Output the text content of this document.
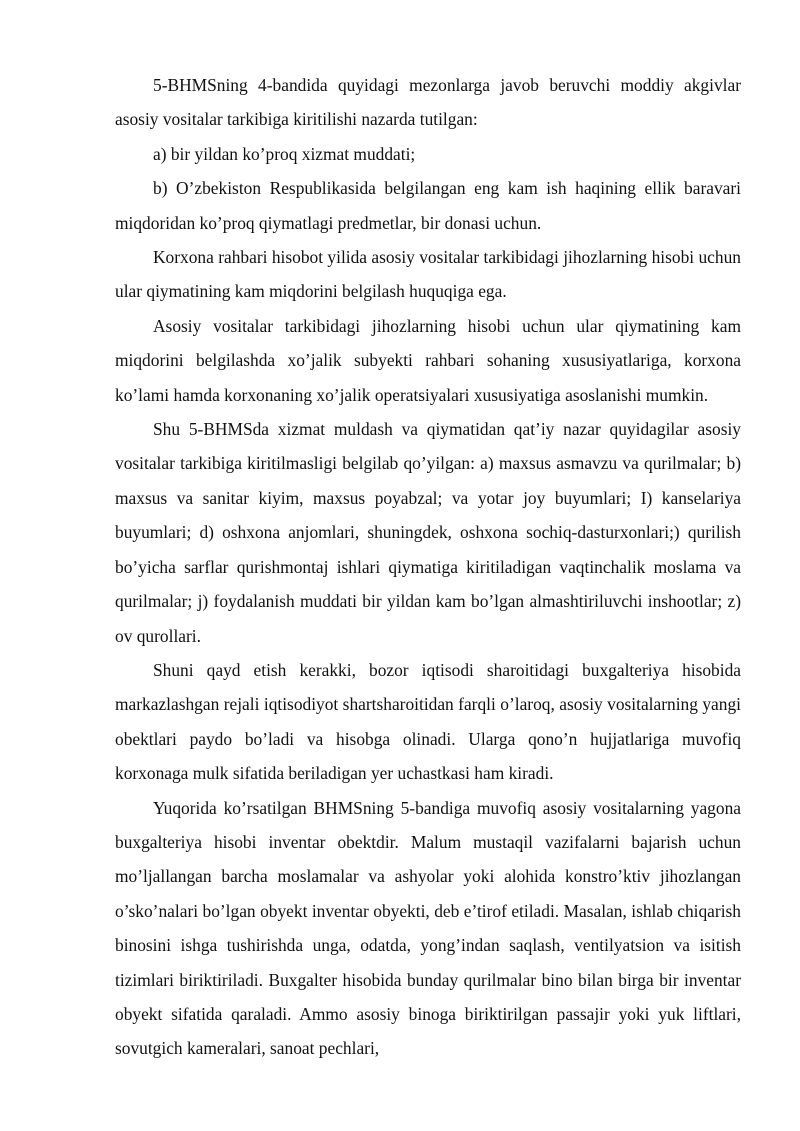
5-BHMSning 4-bandida quyidagi mezonlarga javob beruvchi moddiy akgivlar asosiy vositalar tarkibiga kiritilishi nazarda tutilgan:

a) bir yildan ko’proq xizmat muddati;

b) O’zbekiston Respublikasida belgilangan eng kam ish haqining ellik baravari miqdoridan ko’proq qiymatlagi predmetlar, bir donasi uchun.

Korxona rahbari hisobot yilida asosiy vositalar tarkibidagi jihozlarning hisobi uchun ular qiymatining kam miqdorini belgilash huquqiga ega.

Asosiy vositalar tarkibidagi jihozlarning hisobi uchun ular qiymatining kam miqdorini belgilashda xo’jalik subyekti rahbari sohaning xususiyatlariga, korxona ko’lami hamda korxonaning xo’jalik operatsiyalari xususiyatiga asoslanishi mumkin.

Shu 5-BHMSda xizmat muldash va qiymatidan qat’iy nazar quyidagilar asosiy vositalar tarkibiga kiritilmasligi belgilab qo’yilgan: a) maxsus asmavzu va qurilmalar; b) maxsus va sanitar kiyim, maxsus poyabzal; va yotar joy buyumlari; I) kanselariya buyumlari; d) oshxona anjomlari, shuningdek, oshxona sochiq-dasturxonlari;) qurilish bo’yicha sarflar qurishmontaj ishlari qiymatiga kiritiladigan vaqtinchalik moslama va qurilmalar; j) foydalanish muddati bir yildan kam bo’lgan almashtiriluvchi inshootlar; z) ov qurollari.

Shuni qayd etish kerakki, bozor iqtisodi sharoitidagi buxgalteriya hisobida markazlashgan rejali iqtisodiyot shartsharoitidan farqli o’laroq, asosiy vositalarning yangi obektlari paydo bo’ladi va hisobga olinadi. Ularga qono’n hujjatlariga muvofiq korxonaga mulk sifatida beriladigan yer uchastkasi ham kiradi.

Yuqorida ko’rsatilgan BHMSning 5-bandiga muvofiq asosiy vositalarning yagona buxgalteriya hisobi inventar obektdir. Malum mustaqil vazifalarni bajarish uchun mo’ljallangan barcha moslamalar va ashyolar yoki alohida konstro’ktiv jihozlangan o’sko’nalari bo’lgan obyekt inventar obyekti, deb e’tirof etiladi. Masalan, ishlab chiqarish binosini ishga tushirishda unga, odatda, yong’indan saqlash, ventilyatsion va isitish tizimlari biriktiriladi. Buxgalter hisobida bunday qurilmalar bino bilan birga bir inventar obyekt sifatida qaraladi. Ammo asosiy binoga biriktirilgan passajir yoki yuk liftlari, sovutgich kameralari, sanoat pechlari,
